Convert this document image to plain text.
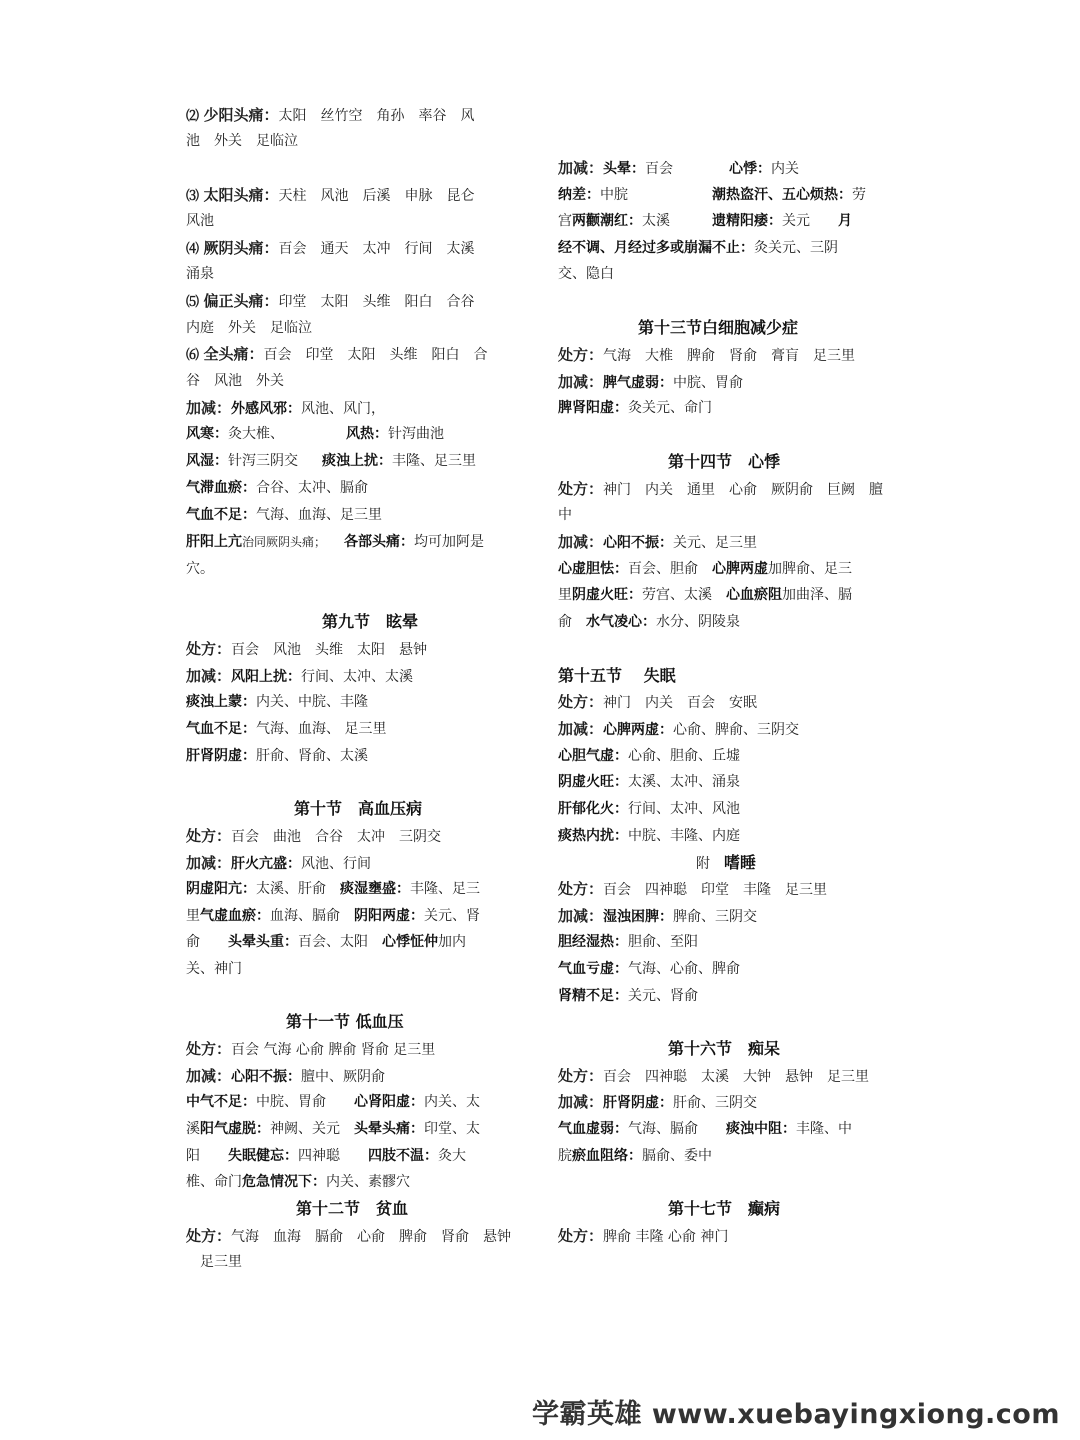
⑵ 少阳头痛：太阳　丝竹空　角孙　率谷　风
池　外关　足临泣
⑶ 太阳头痛：天柱　风池　后溪　申脉　昆仑
风池
⑷ 厥阴头痛：百会　通天　太冲　行间　太溪
涌泉
⑸ 偏正头痛：印堂　太阳　头维　阳白　合谷
内庭　外关　足临泣
⑹ 全头痛：百会　印堂　太阳　头维　阳白　合
谷　风池　外关
加减：外感风邪：风池、风门，
风寒：灸大椎、	风热：针泻曲池
风湿：针泻三阴交 痰浊上扰：丰隆、足三里
气滞血瘀：合谷、太冲、膈俞
气血不足：气海、血海、足三里
肝阳上亢治同厥阴头痛； 各部头痛：均可加阿是
穴。
第九节　眩晕
处方：百会　风池　头维　太阳　悬钟
加减：风阳上扰：行间、太冲、太溪
痰浊上蒙：内关、中脘、丰隆
气血不足：气海、血海、 足三里
肝肾阴虚：肝俞、肾俞、太溪
第十节　高血压病
处方：百会　曲池　合谷　太冲　三阴交
加减：肝火亢盛：风池、行间
阴虚阳亢：太溪、肝俞　痰湿壅盛：丰隆、足三
里气虚血瘀：血海、膈俞　阴阳两虚：关元、肾
俞　　头晕头重：百会、太阳　心悸怔仲加内
关、神门
第十一节 低血压
处方：百会 气海 心俞 脾俞 肾俞 足三里
加减：心阳不振：膻中、厥阴俞
中气不足：中脘、胃俞　　心肾阳虚：内关、太
溪阳气虚脱：神阙、关元　头晕头痛：印堂、太
阳　　失眠健忘：四神聪　　四肢不温：灸大
椎、命门危急情况下：内关、素髎穴
第十二节　贫血
处方：气海　血海　膈俞　心俞　脾俞　肾俞　悬钟
　足三里
加减：头晕：百会　　　　心悸：内关
纳差：中脘　　　　　　潮热盗汗、五心烦热：劳
宫两颧潮红：太溪　　　遗精阳痿：关元　　月
经不调、月经过多或崩漏不止：灸关元、三阴
交、隐白
第十三节白细胞减少症
处方：气海　大椎　脾俞　肾俞　膏肓　足三里
加减：脾气虚弱：中脘、胃俞
脾肾阳虚：灸关元、命门
第十四节　心悸
处方：神门　内关　通里　心俞　厥阴俞　巨阙　膻
中
加减：心阳不振：关元、足三里
心虚胆怯：百会、胆俞　心脾两虚加脾俞、足三
里阴虚火旺：劳宫、太溪　心血瘀阻加曲泽、膈
俞　水气凌心：水分、阴陵泉
第十五节　 失眠
处方：神门　内关　百会　安眠
加减：心脾两虚：心俞、脾俞、三阴交
心胆气虚：心俞、胆俞、丘墟
阴虚火旺：太溪、太冲、涌泉
肝郁化火：行间、太冲、风池
痰热内扰：中脘、丰隆、内庭
附　嗜睡
处方：百会　四神聪　印堂　丰隆　足三里
加减：湿浊困脾：脾俞、三阴交
胆经湿热：胆俞、至阳
气血亏虚：气海、心俞、脾俞
肾精不足：关元、肾俞
第十六节　痴呆
处方：百会　四神聪　太溪　大钟　悬钟　足三里
加减：肝肾阴虚：肝俞、三阴交
气血虚弱：气海、膈俞　　痰浊中阻：丰隆、中
脘瘀血阻络：膈俞、委中
第十七节　癫病
处方：脾俞 丰隆 心俞 神门
学霸英雄 www.xuebayingxiong.com
